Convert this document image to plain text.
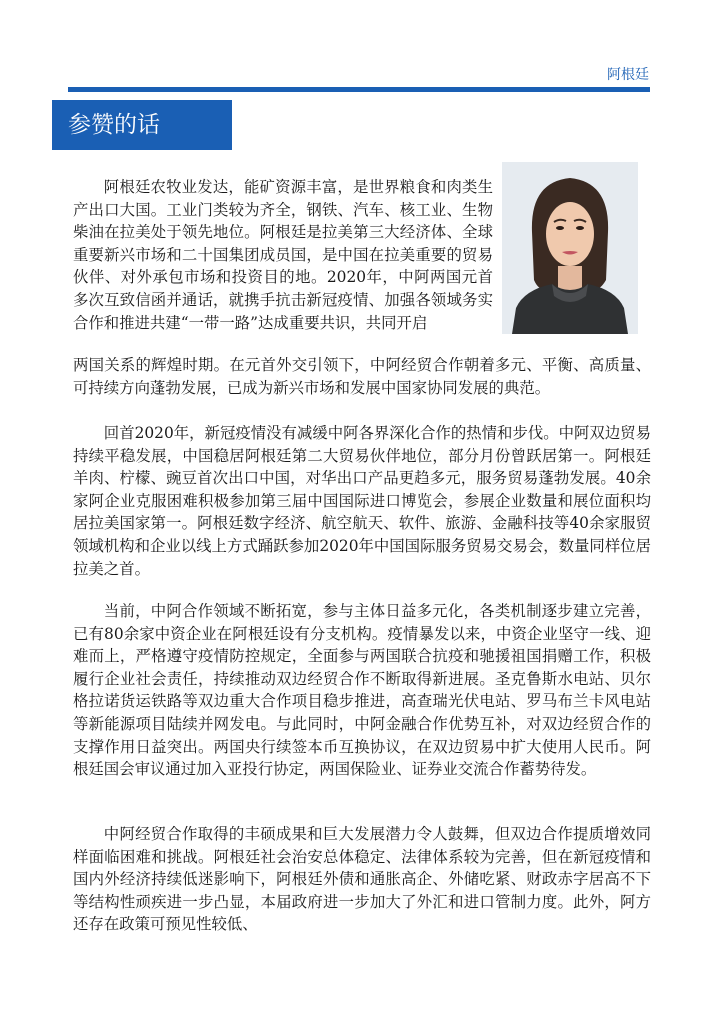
阿根廷
参赞的话

阿根廷农牧业发达，能矿资源丰富，是世界粮食和肉类生产出口大国。工业门类较为齐全，钢铁、汽车、核工业、生物柴油在拉美处于领先地位。阿根廷是拉美第三大经济体、全球重要新兴市场和二十国集团成员国，是中国在拉美重要的贸易伙伴、对外承包市场和投资目的地。2020年，中阿两国元首多次互致信函并通话，就携手抗击新冠疫情、加强各领域务实合作和推进共建“一带一路”达成重要共识，共同开启

两国关系的辉煌时期。在元首外交引领下，中阿经贸合作朝着多元、平衡、高质量、可持续方向蓬勃发展，已成为新兴市场和发展中国家协同发展的典范。

回首2020年，新冠疫情没有减缓中阿各界深化合作的热情和步伐。中阿双边贸易持续平稳发展，中国稳居阿根廷第二大贸易伙伴地位，部分月份曾跃居第一。阿根廷羊肉、柠檬、豌豆首次出口中国，对华出口产品更趋多元，服务贸易蓬勃发展。40余家阿企业克服困难积极参加第三届中国国际进口博览会，参展企业数量和展位面积均居拉美国家第一。阿根廷数字经济、航空航天、软件、旅游、金融科技等40余家服贸领域机构和企业以线上方式踊跃参加2020年中国国际服务贸易交易会，数量同样位居拉美之首。

当前，中阿合作领域不断拓宽，参与主体日益多元化，各类机制逐步建立完善，已有80余家中资企业在阿根廷设有分支机构。疫情暴发以来，中资企业坚守一线、迎难而上，严格遵守疫情防控规定，全面参与两国联合抗疫和驰援祖国捐赠工作，积极履行企业社会责任，持续推动双边经贸合作不断取得新进展。圣克鲁斯水电站、贝尔格拉诺货运铁路等双边重大合作项目稳步推进，高查瑞光伏电站、罗马布兰卡风电站等新能源项目陆续并网发电。与此同时，中阿金融合作优势互补，对双边经贸合作的支撑作用日益突出。两国央行续签本币互换协议，在双边贸易中扩大使用人民币。阿根廷国会审议通过加入亚投行协定，两国保险业、证券业交流合作蓄势待发。

中阿经贸合作取得的丰硕成果和巨大发展潜力令人鼓舞，但双边合作提质增效同样面临困难和挑战。阿根廷社会治安总体稳定、法律体系较为完善，但在新冠疫情和国内外经济持续低迷影响下，阿根廷外债和通胀高企、外储吃紧、财政赤字居高不下等结构性顽疾进一步凸显，本届政府进一步加大了外汇和进口管制力度。此外，阿方还存在政策可预见性较低、
